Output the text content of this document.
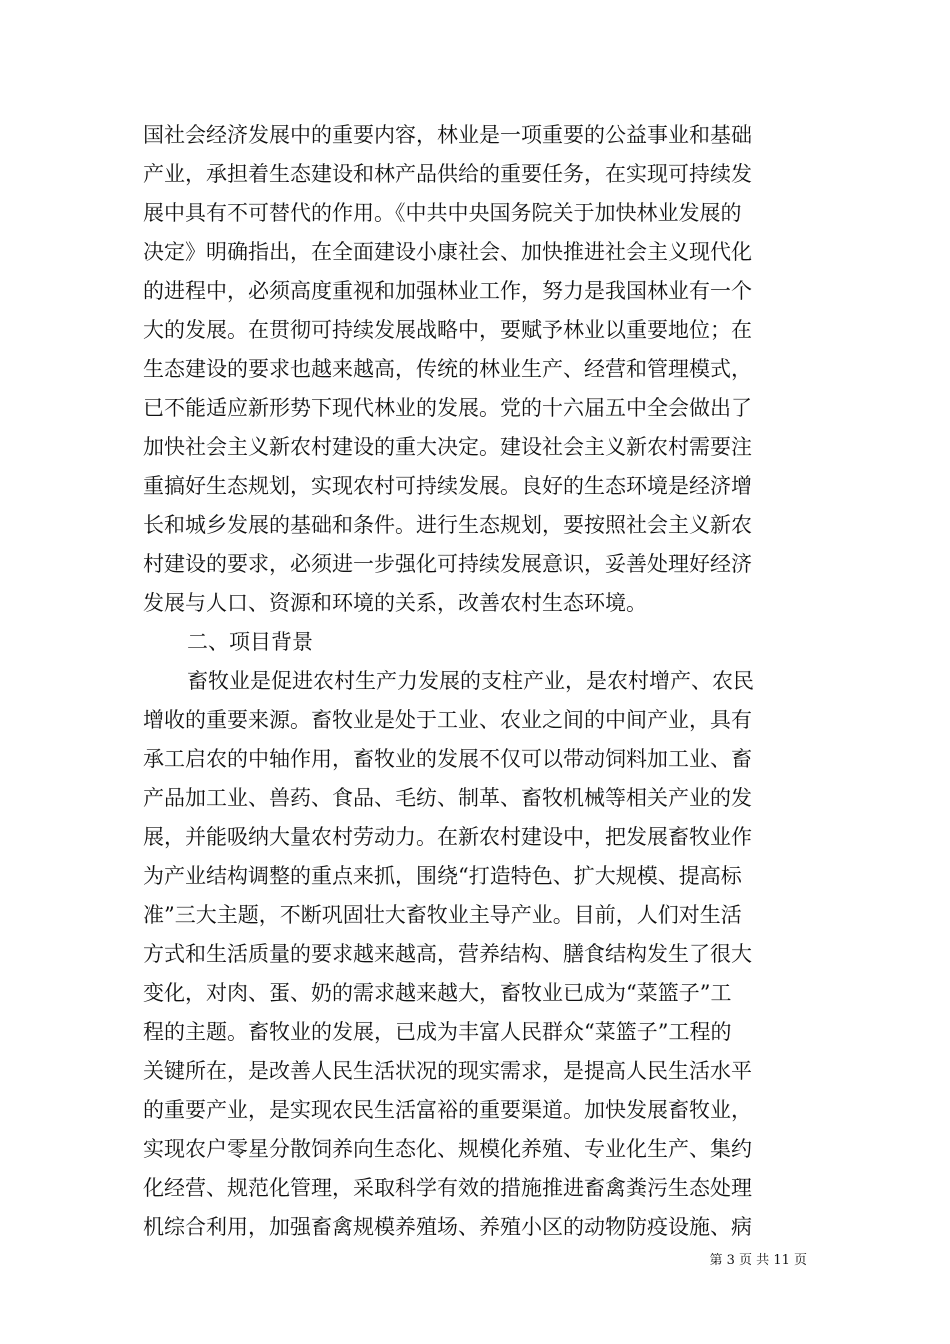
国社会经济发展中的重要内容，林业是一项重要的公益事业和基础
产业，承担着生态建设和林产品供给的重要任务，在实现可持续发
展中具有不可替代的作用。《中共中央国务院关于加快林业发展的
决定》明确指出，在全面建设小康社会、加快推进社会主义现代化
的进程中，必须高度重视和加强林业工作，努力是我国林业有一个
大的发展。在贯彻可持续发展战略中，要赋予林业以重要地位；在
生态建设的要求也越来越高，传统的林业生产、经营和管理模式，
已不能适应新形势下现代林业的发展。党的十六届五中全会做出了
加快社会主义新农村建设的重大决定。建设社会主义新农村需要注
重搞好生态规划，实现农村可持续发展。良好的生态环境是经济增
长和城乡发展的基础和条件。进行生态规划，要按照社会主义新农
村建设的要求，必须进一步强化可持续发展意识，妥善处理好经济
发展与人口、资源和环境的关系，改善农村生态环境。
二、项目背景
畜牧业是促进农村生产力发展的支柱产业，是农村增产、农民
增收的重要来源。畜牧业是处于工业、农业之间的中间产业，具有
承工启农的中轴作用，畜牧业的发展不仅可以带动饲料加工业、畜
产品加工业、兽药、食品、毛纺、制革、畜牧机械等相关产业的发
展，并能吸纳大量农村劳动力。在新农村建设中，把发展畜牧业作
为产业结构调整的重点来抓，围绕“打造特色、扩大规模、提高标
准”三大主题，不断巩固壮大畜牧业主导产业。目前，人们对生活
方式和生活质量的要求越来越高，营养结构、膳食结构发生了很大
变化，对肉、蛋、奶的需求越来越大，畜牧业已成为“菜篮子”工
程的主题。畜牧业的发展，已成为丰富人民群众“菜篮子”工程的
关键所在，是改善人民生活状况的现实需求，是提高人民生活水平
的重要产业，是实现农民生活富裕的重要渠道。加快发展畜牧业，
实现农户零星分散饲养向生态化、规模化养殖、专业化生产、集约
化经营、规范化管理，采取科学有效的措施推进畜禽粪污生态处理
机综合利用，加强畜禽规模养殖场、养殖小区的动物防疫设施、病
第 3 页 共 11 页
